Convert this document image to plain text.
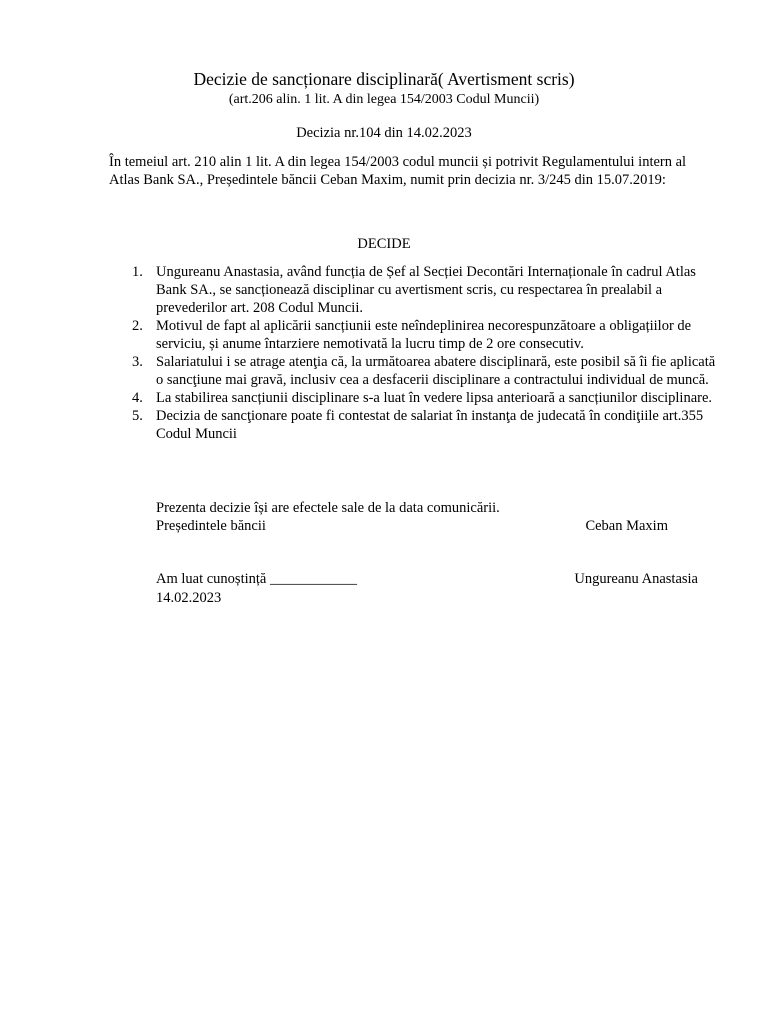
Decizie de sancționare disciplinară( Avertisment scris)
(art.206 alin. 1 lit. A din legea 154/2003 Codul Muncii)
Decizia nr.104 din 14.02.2023
În temeiul art. 210 alin 1 lit. A din legea 154/2003 codul muncii și potrivit Regulamentului intern al Atlas Bank SA., Președintele băncii Ceban Maxim, numit prin decizia nr. 3/245 din 15.07.2019:
DECIDE
1. Ungureanu Anastasia, având funcția de Șef al Secției Decontări Internaționale în cadrul Atlas Bank SA., se sancționează disciplinar cu avertisment scris, cu respectarea în prealabil a prevederilor art. 208 Codul Muncii.
2. Motivul de fapt al aplicării sancțiunii este neîndeplinirea necorespunzătoare a obligațiilor de serviciu, și anume întarziere nemotivată la lucru timp de 2 ore consecutiv.
3. Salariatului i se atrage atenţia că, la următoarea abatere disciplinară, este posibil să îi fie aplicată o sancţiune mai gravă, inclusiv cea a desfacerii disciplinare a contractului individual de muncă.
4. La stabilirea sancțiunii disciplinare s-a luat în vedere lipsa anterioară a sancțiunilor disciplinare.
5. Decizia de sancţionare poate fi contestat de salariat în instanţa de judecată în condiţiile art.355 Codul Muncii
Prezenta decizie își are efectele sale de la data comunicării.
Președintele băncii	Ceban Maxim
Am luat cunoștință ____________	Ungureanu Anastasia
14.02.2023
